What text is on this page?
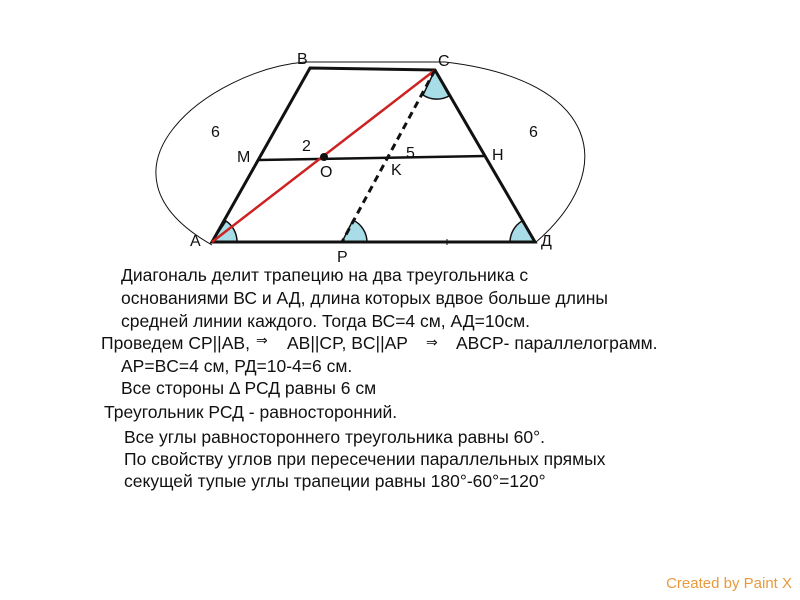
B	C
A	Д
M	H
O	K
P
6	6
2	5
Диагональ делит трапецию на два треугольника с
основаниями ВС и АД, длина которых вдвое больше длины
средней линии каждого. Тогда ВС=4 см, АД=10см.
Проведем CP||AB, ⇒ AB||CP, BC||AP ⇒ ABCP- параллелограмм.
AP=BC=4 см, РД=10-4=6 см.
Все стороны Δ РСД равны 6 см
Треугольник РСД - равносторонний.
Все углы равностороннего треугольника равны 60°.
По свойству углов при пересечении параллельных прямых
секущей тупые углы трапеции равны 180°-60°=120°
Created by Paint X
